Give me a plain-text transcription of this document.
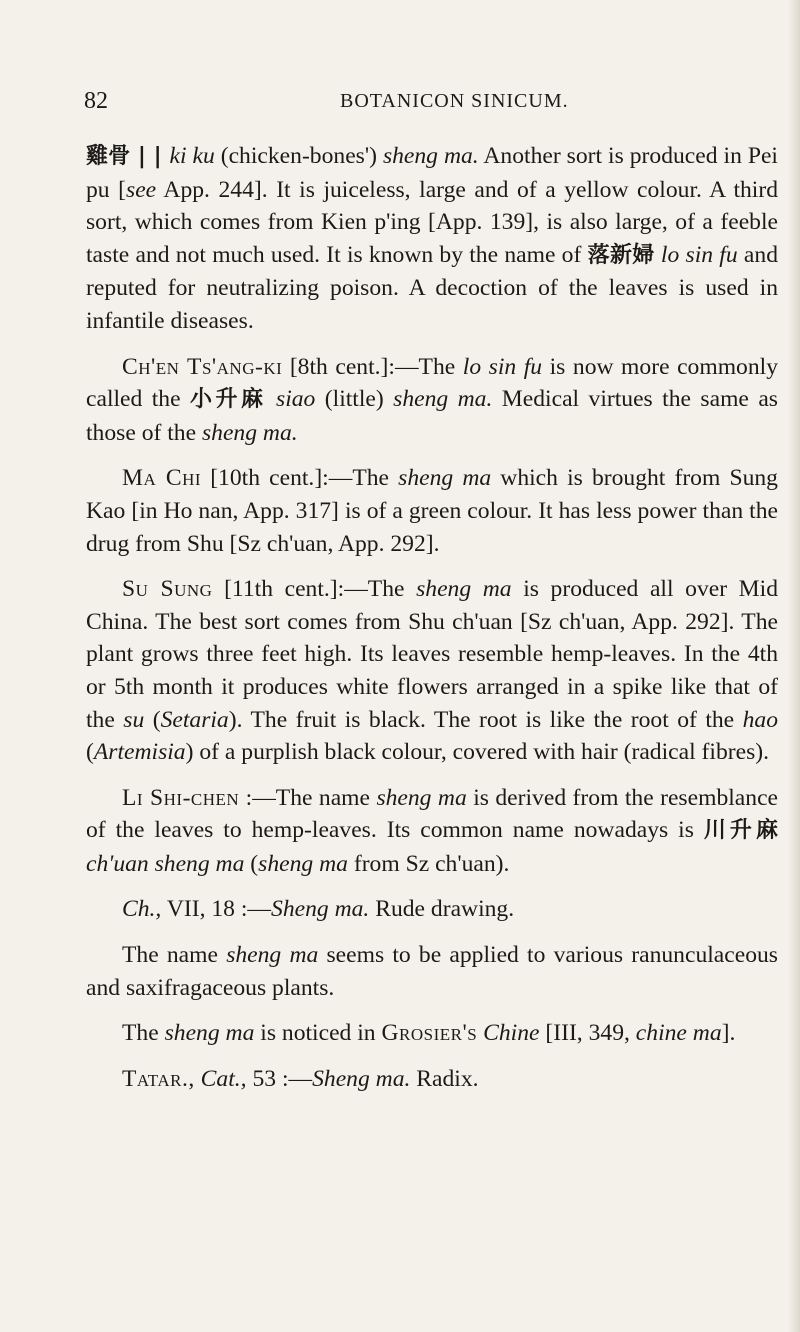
82	BOTANICON SINICUM.

雞骨 | | ki ku (chicken-bones') sheng ma. Another sort is produced in Pei pu [see App. 244]. It is juiceless, large and of a yellow colour. A third sort, which comes from Kien p'ing [App. 139], is also large, of a feeble taste and not much used. It is known by the name of 落新婦 lo sin fu and reputed for neutralizing poison. A decoction of the leaves is used in infantile diseases.

Ch'en Ts'ang-ki [8th cent.]:—The lo sin fu is now more commonly called the 小升麻 siao (little) sheng ma. Medical virtues the same as those of the sheng ma.

Ma Chi [10th cent.]:—The sheng ma which is brought from Sung Kao [in Ho nan, App. 317] is of a green colour. It has less power than the drug from Shu [Sz ch'uan, App. 292].

Su Sung [11th cent.]:—The sheng ma is produced all over Mid China. The best sort comes from Shu ch'uan [Sz ch'uan, App. 292]. The plant grows three feet high. Its leaves resemble hemp-leaves. In the 4th or 5th month it produces white flowers arranged in a spike like that of the su (Setaria). The fruit is black. The root is like the root of the hao (Artemisia) of a purplish black colour, covered with hair (radical fibres).

Li Shi-chen :—The name sheng ma is derived from the resemblance of the leaves to hemp-leaves. Its common name nowadays is 川升麻 ch'uan sheng ma (sheng ma from Sz ch'uan).

Ch., VII, 18 :—Sheng ma. Rude drawing.

The name sheng ma seems to be applied to various ranunculaceous and saxifragaceous plants.

The sheng ma is noticed in Grosier's Chine [III, 349, chine ma].

Tatar., Cat., 53 :—Sheng ma. Radix.
